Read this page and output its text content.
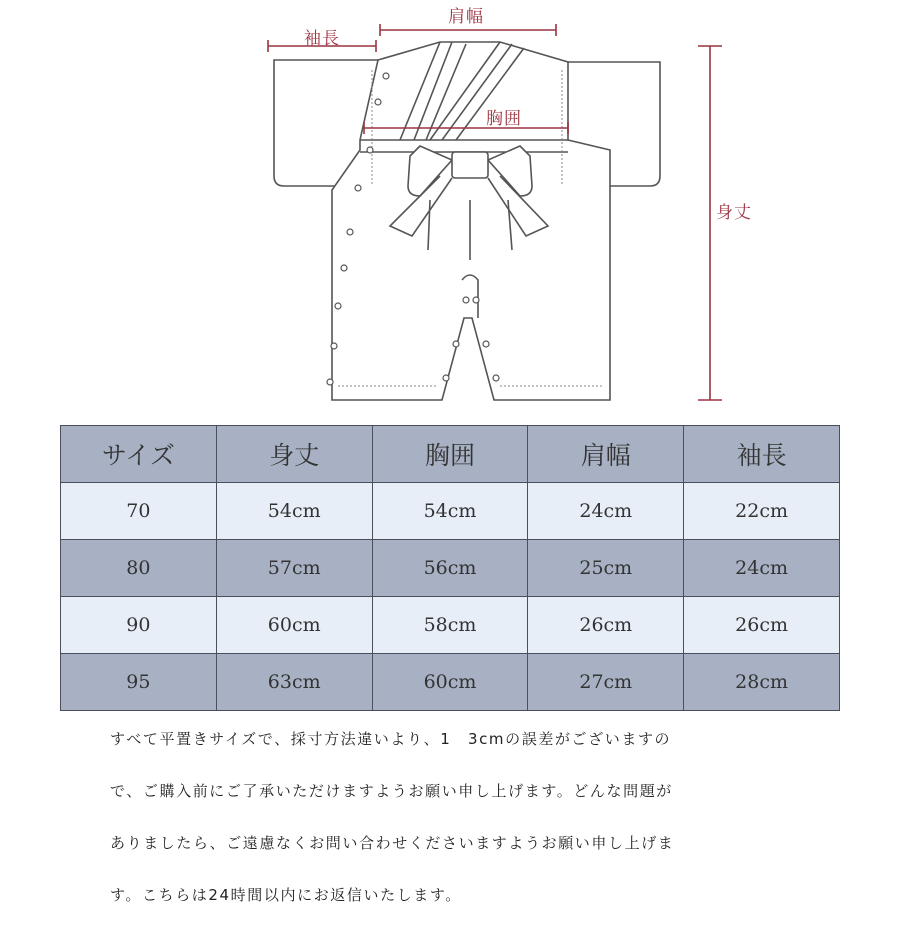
袖長
肩幅
胸囲
身丈
サイズ	身丈	胸囲	肩幅	袖長
70	54cm	54cm	24cm	22cm
80	57cm	56cm	25cm	24cm
90	60cm	58cm	26cm	26cm
95	63cm	60cm	27cm	28cm

すべて平置きサイズで、採寸方法違いより、1　3cmの誤差がございますの

で、ご購入前にご了承いただけますようお願い申し上げます。どんな問題が

ありましたら、ご遠慮なくお問い合わせくださいますようお願い申し上げま

す。こちらは24時間以内にお返信いたします。
